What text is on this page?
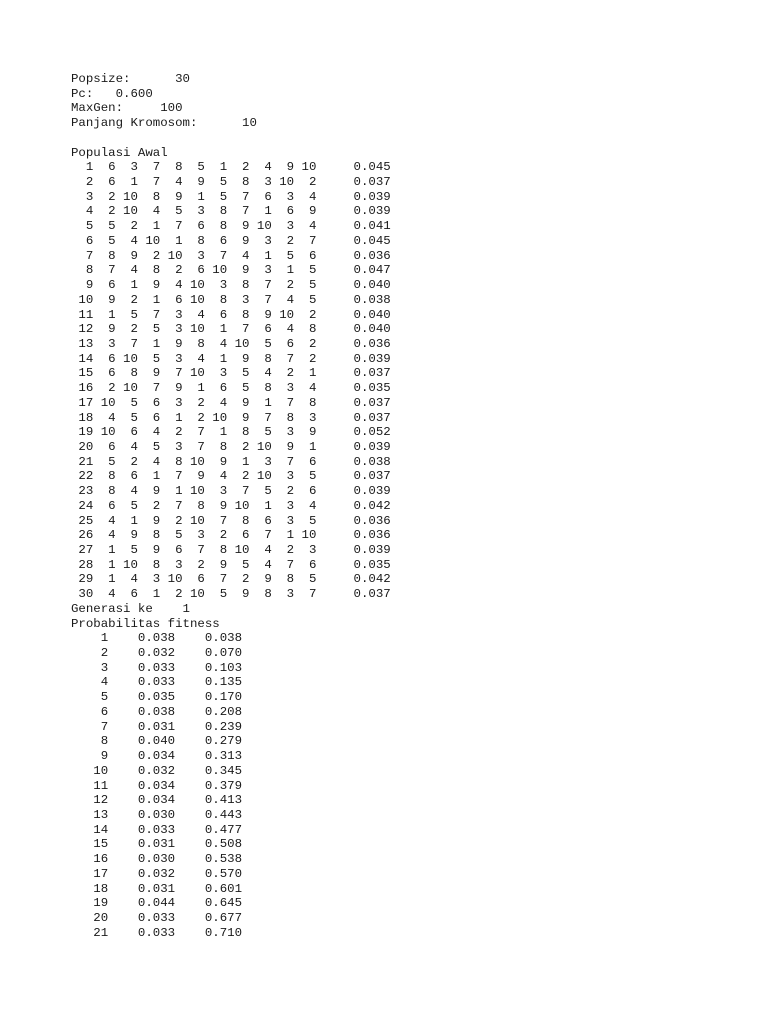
Popsize:      30
Pc:   0.600
MaxGen:     100
Panjang Kromosom:      10
Populasi Awal
1  6  3  7  8  5  1  2  4  9 10     0.045
2  6  1  7  4  9  5  8  3 10  2     0.037
3  2 10  8  9  1  5  7  6  3  4     0.039
4  2 10  4  5  3  8  7  1  6  9     0.039
5  5  2  1  7  6  8  9 10  3  4     0.041
6  5  4 10  1  8  6  9  3  2  7     0.045
7  8  9  2 10  3  7  4  1  5  6     0.036
8  7  4  8  2  6 10  9  3  1  5     0.047
9  6  1  9  4 10  3  8  7  2  5     0.040
10  9  2  1  6 10  8  3  7  4  5     0.038
11  1  5  7  3  4  6  8  9 10  2     0.040
12  9  2  5  3 10  1  7  6  4  8     0.040
13  3  7  1  9  8  4 10  5  6  2     0.036
14  6 10  5  3  4  1  9  8  7  2     0.039
15  6  8  9  7 10  3  5  4  2  1     0.037
16  2 10  7  9  1  6  5  8  3  4     0.035
17 10  5  6  3  2  4  9  1  7  8     0.037
18  4  5  6  1  2 10  9  7  8  3     0.037
19 10  6  4  2  7  1  8  5  3  9     0.052
20  6  4  5  3  7  8  2 10  9  1     0.039
21  5  2  4  8 10  9  1  3  7  6     0.038
22  8  6  1  7  9  4  2 10  3  5     0.037
23  8  4  9  1 10  3  7  5  2  6     0.039
24  6  5  2  7  8  9 10  1  3  4     0.042
25  4  1  9  2 10  7  8  6  3  5     0.036
26  4  9  8  5  3  2  6  7  1 10     0.036
27  1  5  9  6  7  8 10  4  2  3     0.039
28  1 10  8  3  2  9  5  4  7  6     0.035
29  1  4  3 10  6  7  2  9  8  5     0.042
30  4  6  1  2 10  5  9  8  3  7     0.037
Generasi ke    1
Probabilitas fitness
1    0.038    0.038
2    0.032    0.070
3    0.033    0.103
4    0.033    0.135
5    0.035    0.170
6    0.038    0.208
7    0.031    0.239
8    0.040    0.279
9    0.034    0.313
10    0.032    0.345
11    0.034    0.379
12    0.034    0.413
13    0.030    0.443
14    0.033    0.477
15    0.031    0.508
16    0.030    0.538
17    0.032    0.570
18    0.031    0.601
19    0.044    0.645
20    0.033    0.677
21    0.033    0.710
